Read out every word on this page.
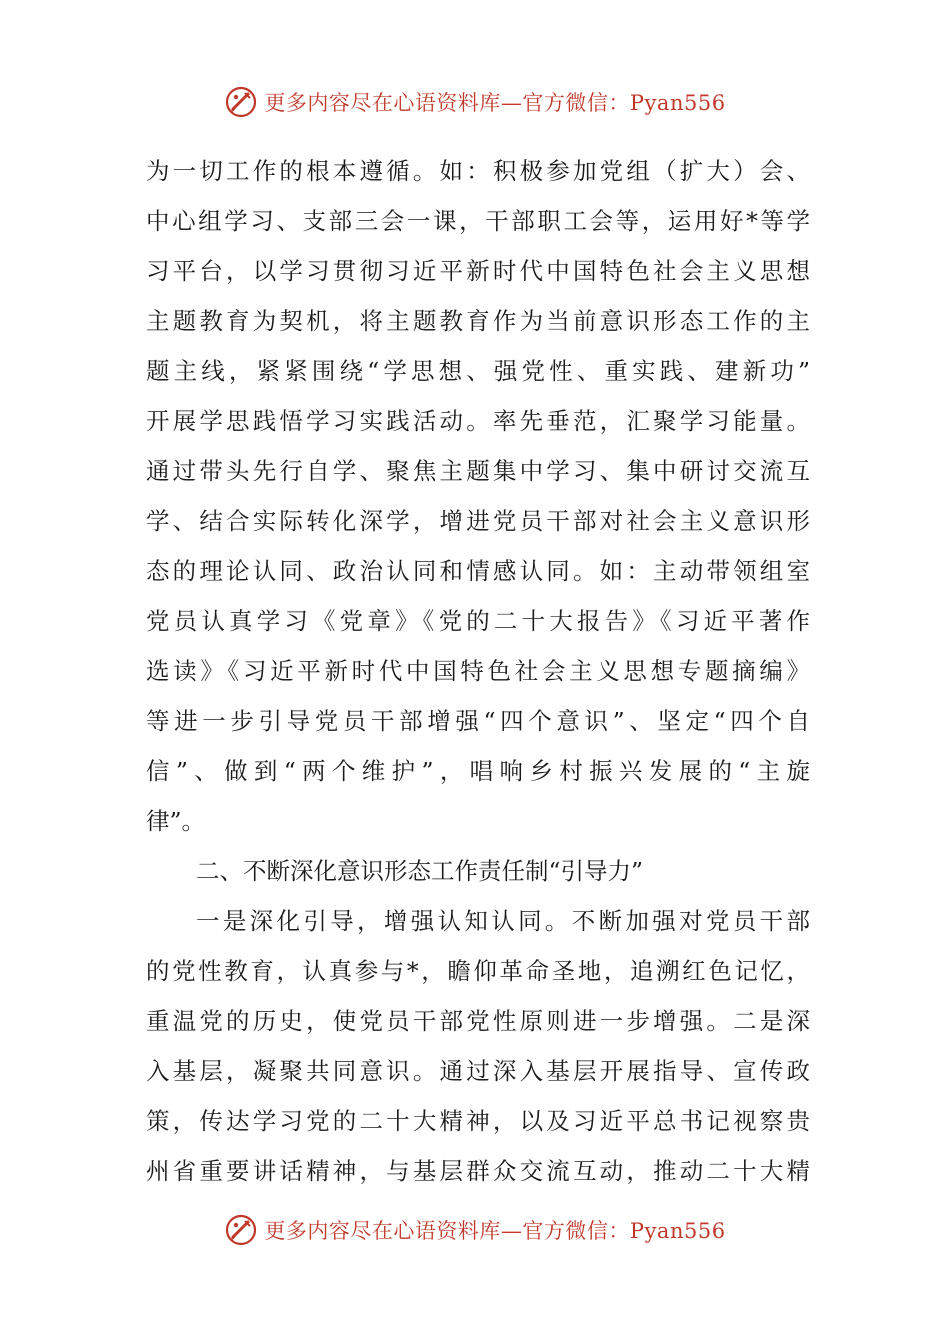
更多内容尽在心语资料库—官方微信：Pyan556
为一切工作的根本遵循。如：积极参加党组（扩大）会、
中心组学习、支部三会一课，干部职工会等，运用好*等学
习平台，以学习贯彻习近平新时代中国特色社会主义思想
主题教育为契机，将主题教育作为当前意识形态工作的主
题主线，紧紧围绕“学思想、强党性、重实践、建新功”
开展学思践悟学习实践活动。率先垂范，汇聚学习能量。
通过带头先行自学、聚焦主题集中学习、集中研讨交流互
学、结合实际转化深学，增进党员干部对社会主义意识形
态的理论认同、政治认同和情感认同。如：主动带领组室
党员认真学习《党章》《党的二十大报告》《习近平著作
选读》《习近平新时代中国特色社会主义思想专题摘编》
等进一步引导党员干部增强“四个意识”、坚定“四个自
信”、做到“两个维护”，唱响乡村振兴发展的“主旋
律”。
二、不断深化意识形态工作责任制“引导力”
一是深化引导，增强认知认同。不断加强对党员干部
的党性教育，认真参与*，瞻仰革命圣地，追溯红色记忆，
重温党的历史，使党员干部党性原则进一步增强。二是深
入基层，凝聚共同意识。通过深入基层开展指导、宣传政
策，传达学习党的二十大精神，以及习近平总书记视察贵
州省重要讲话精神，与基层群众交流互动，推动二十大精
更多内容尽在心语资料库—官方微信：Pyan556
